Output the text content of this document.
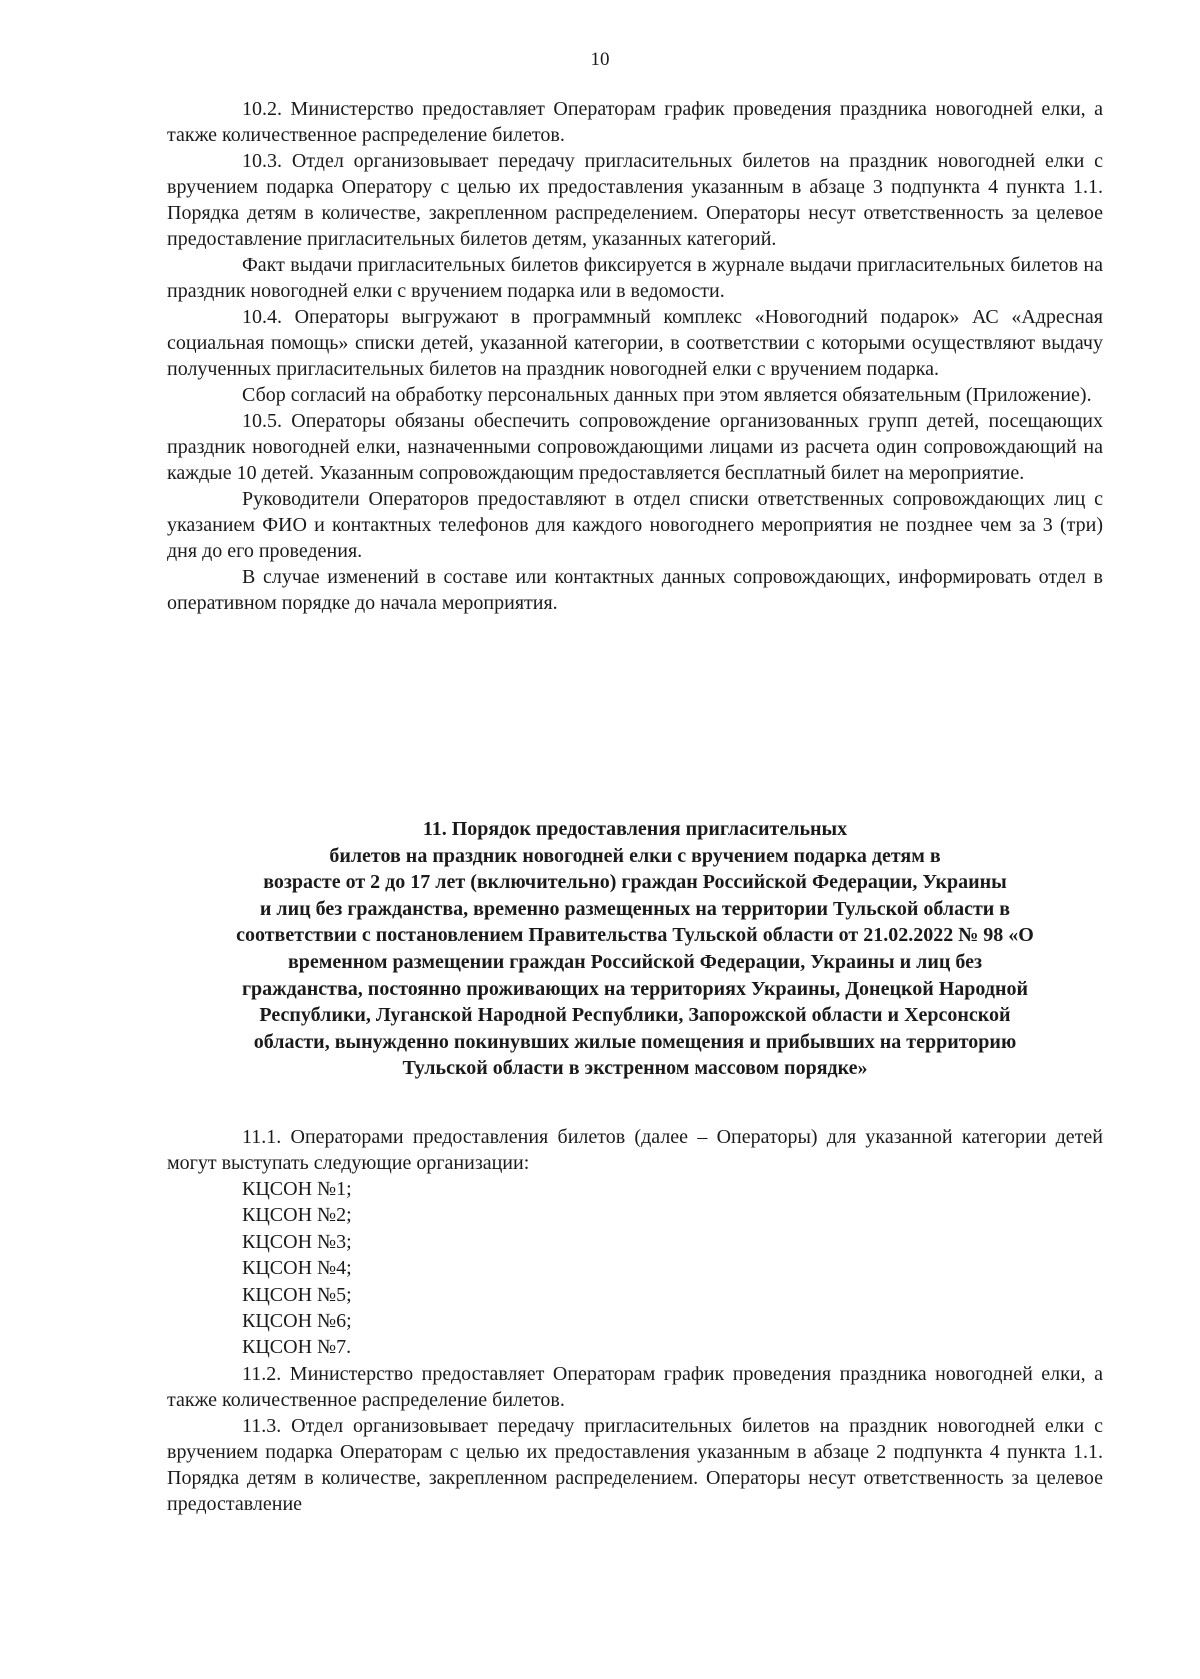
10

10.2. Министерство предоставляет Операторам график проведения праздника новогодней елки, а также количественное распределение билетов.

10.3. Отдел организовывает передачу пригласительных билетов на праздник новогодней елки с вручением подарка Оператору с целью их предоставления указанным в абзаце 3 подпункта 4 пункта 1.1. Порядка детям в количестве, закрепленном распределением. Операторы несут ответственность за целевое предоставление пригласительных билетов детям, указанных категорий.

Факт выдачи пригласительных билетов фиксируется в журнале выдачи пригласительных билетов на праздник новогодней елки с вручением подарка или в ведомости.

10.4. Операторы выгружают в программный комплекс «Новогодний подарок» АС «Адресная социальная помощь» списки детей, указанной категории, в соответствии с которыми осуществляют выдачу полученных пригласительных билетов на праздник новогодней елки с вручением подарка.

Сбор согласий на обработку персональных данных при этом является обязательным (Приложение).

10.5. Операторы обязаны обеспечить сопровождение организованных групп детей, посещающих праздник новогодней елки, назначенными сопровождающими лицами из расчета один сопровождающий на каждые 10 детей. Указанным сопровождающим предоставляется бесплатный билет на мероприятие.

Руководители Операторов предоставляют в отдел списки ответственных сопровождающих лиц с указанием ФИО и контактных телефонов для каждого новогоднего мероприятия не позднее чем за 3 (три) дня до его проведения.

В случае изменений в составе или контактных данных сопровождающих, информировать отдел в оперативном порядке до начала мероприятия.

11. Порядок предоставления пригласительных
билетов на праздник новогодней елки с вручением подарка детям в
возрасте от 2 до 17 лет (включительно) граждан Российской Федерации, Украины
и лиц без гражданства, временно размещенных на территории Тульской области в
соответствии с постановлением Правительства Тульской области от 21.02.2022 № 98 «О
временном размещении граждан Российской Федерации, Украины и лиц без
гражданства, постоянно проживающих на территориях Украины, Донецкой Народной
Республики, Луганской Народной Республики, Запорожской области и Херсонской
области, вынужденно покинувших жилые помещения и прибывших на территорию
Тульской области в экстренном массовом порядке»

11.1. Операторами предоставления билетов (далее – Операторы) для указанной категории детей могут выступать следующие организации:

КЦСОН №1;
КЦСОН №2;
КЦСОН №3;
КЦСОН №4;
КЦСОН №5;
КЦСОН №6;
КЦСОН №7.

11.2. Министерство предоставляет Операторам график проведения праздника новогодней елки, а также количественное распределение билетов.

11.3. Отдел организовывает передачу пригласительных билетов на праздник новогодней елки с вручением подарка Операторам с целью их предоставления указанным в абзаце 2 подпункта 4 пункта 1.1. Порядка детям в количестве, закрепленном распределением. Операторы несут ответственность за целевое предоставление
